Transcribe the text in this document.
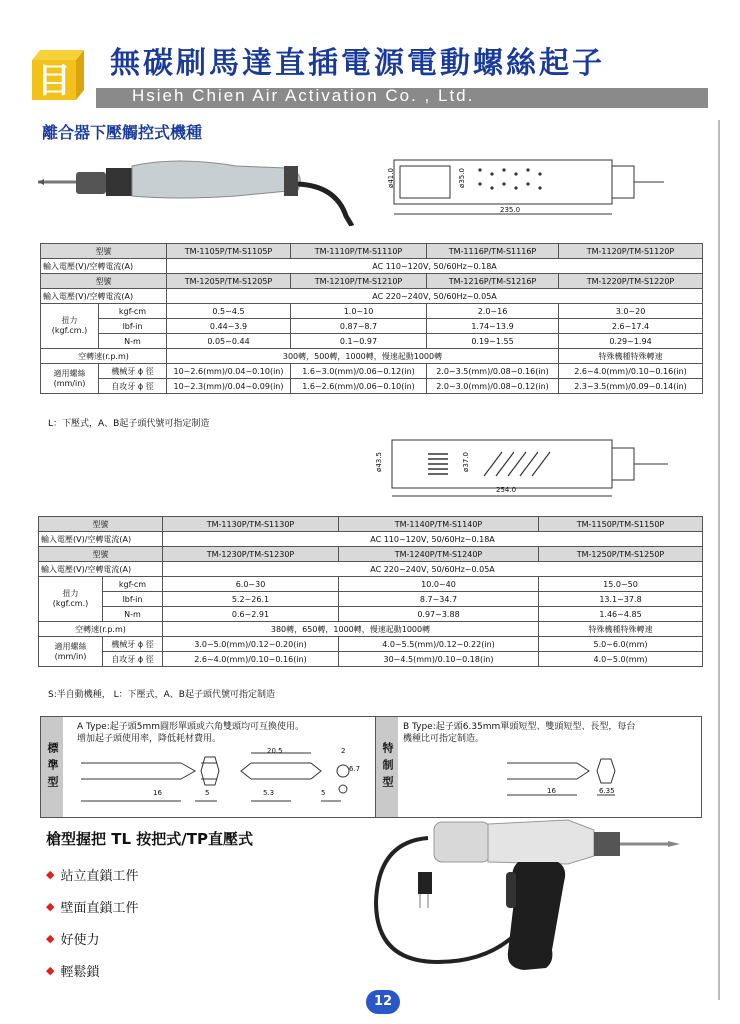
目 無碳刷馬達直插電源電動螺絲起子
Hsieh Chien Air Activation Co. , Ltd.
離合器下壓觸控式機種
ø41.0	ø35.0
235.0
型號		TM-1105P/TM-S1105P	TM-1110P/TM-S1110P	TM-1116P/TM-S1116P	TM-1120P/TM-S1120P
輸入電壓(V)/空轉電流(A)		AC 110~120V, 50/60Hz~0.18A			
型號		TM-1205P/TM-S1205P	TM-1210P/TM-S1210P	TM-1216P/TM-S1216P	TM-1220P/TM-S1220P
輸入電壓(V)/空轉電流(A)		AC 220~240V, 50/60Hz~0.05A			
扭力
(kgf.cm.)	kgf-cm	0.5~4.5	1.0~10	2.0~16	3.0~20
	lbf-in	0.44~3.9	0.87~8.7	1.74~13.9	2.6~17.4
	N-m	0.05~0.44	0.1~0.97	0.19~1.55	0.29~1.94
空轉速(r.p.m)		300轉，500轉，1000轉，慢速起動1000轉			特殊機種特殊轉速
適用螺絲
(mm/in)	機械牙 ϕ 徑	10~2.6(mm)/0.04~0.10(in)	1.6~3.0(mm)/0.06~0.12(in)	2.0~3.5(mm)/0.08~0.16(in)	2.6~4.0(mm)/0.10~0.16(in)
	自攻牙 ϕ 徑	10~2.3(mm)/0.04~0.09(in)	1.6~2.6(mm)/0.06~0.10(in)	2.0~3.0(mm)/0.08~0.12(in)	2.3~3.5(mm)/0.09~0.14(in)
L：下壓式，A、B起子頭代號可指定制造
ø43.5	ø37.0
254.0
型號		TM-1130P/TM-S1130P	TM-1140P/TM-S1140P	TM-1150P/TM-S1150P
輸入電壓(V)/空轉電流(A)		AC 110~120V, 50/60Hz~0.18A		
型號		TM-1230P/TM-S1230P	TM-1240P/TM-S1240P	TM-1250P/TM-S1250P
輸入電壓(V)/空轉電流(A)		AC 220~240V, 50/60Hz~0.05A		
扭力
(kgf.cm.)	kgf-cm	6.0~30	10.0~40	15.0~50
	lbf-in	5.2~26.1	8.7~34.7	13.1~37.8
	N-m	0.6~2.91	0.97~3.88	1.46~4.85
空轉速(r.p.m)		380轉，650轉，1000轉，慢速起動1000轉		特殊機種特殊轉速
適用螺絲
(mm/in)	機械牙 ϕ 徑	3.0~5.0(mm)/0.12~0.20(in)	4.0~5.5(mm)/0.12~0.22(in)	5.0~6.0(mm)
	自攻牙 ϕ 徑	2.6~4.0(mm)/0.10~0.16(in)	30~4.5(mm)/0.10~0.18(in)	4.0~5.0(mm)
S:半自動機種， L：下壓式，A、B起子頭代號可指定制造
標準型
A Type:起子頭5mm圓形單頭或六角雙頭均可互換使用。
增加起子頭使用率，降低耗材費用。
16	5
20.5	2
5.3	5
6.7	特制型
B Type:起子頭6.35mm單頭短型、雙頭短型、長型，每台
機種比可指定制造。
16	6.35
槍型握把 TL 按把式/TP直壓式
◆ 站立直鎖工件
◆ 壁面直鎖工件
◆ 好使力
◆ 輕鬆鎖
12
